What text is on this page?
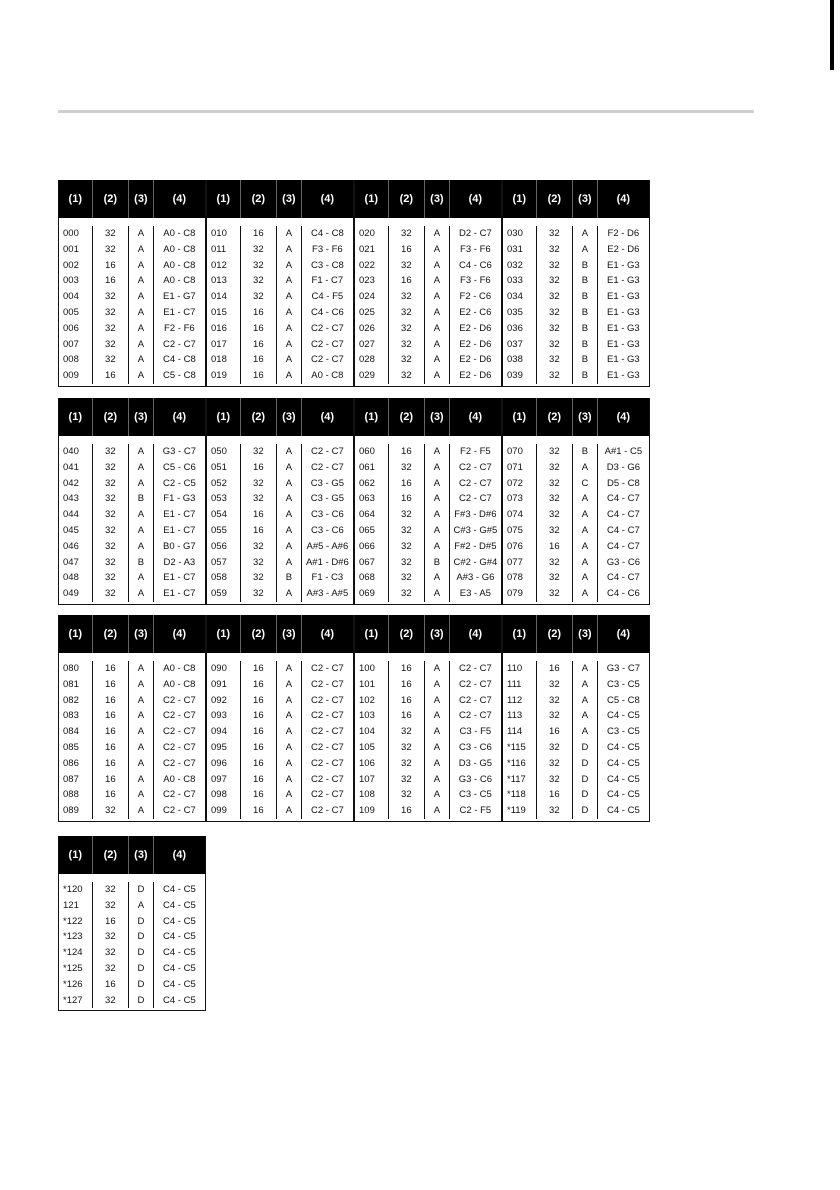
(1)	(2)	(3)	(4)
000	32	A	A0 - C8
001	32	A	A0 - C8
002	16	A	A0 - C8
003	16	A	A0 - C8
004	32	A	E1 - G7
005	32	A	E1 - C7
006	32	A	F2 - F6
007	32	A	C2 - C7
008	32	A	C4 - C8
009	16	A	C5 - C8
(1)	(2)	(3)	(4)
010	16	A	C4 - C8
011	32	A	F3 - F6
012	32	A	C3 - C8
013	32	A	F1 - C7
014	32	A	C4 - F5
015	16	A	C4 - C6
016	16	A	C2 - C7
017	16	A	C2 - C7
018	16	A	C2 - C7
019	16	A	A0 - C8
(1)	(2)	(3)	(4)
020	32	A	D2 - C7
021	16	A	F3 - F6
022	32	A	C4 - C6
023	16	A	F3 - F6
024	32	A	F2 - C6
025	32	A	E2 - C6
026	32	A	E2 - D6
027	32	A	E2 - D6
028	32	A	E2 - D6
029	32	A	E2 - D6
(1)	(2)	(3)	(4)
030	32	A	F2 - D6
031	32	A	E2 - D6
032	32	B	E1 - G3
033	32	B	E1 - G3
034	32	B	E1 - G3
035	32	B	E1 - G3
036	32	B	E1 - G3
037	32	B	E1 - G3
038	32	B	E1 - G3
039	32	B	E1 - G3
(1)	(2)	(3)	(4)
040	32	A	G3 - C7
041	32	A	C5 - C6
042	32	A	C2 - C5
043	32	B	F1 - G3
044	32	A	E1 - C7
045	32	A	E1 - C7
046	32	A	B0 - G7
047	32	B	D2 - A3
048	32	A	E1 - C7
049	32	A	E1 - C7
(1)	(2)	(3)	(4)
050	32	A	C2 - C7
051	16	A	C2 - C7
052	32	A	C3 - G5
053	32	A	C3 - G5
054	16	A	C3 - C6
055	16	A	C3 - C6
056	32	A	A#5 - A#6
057	32	A	A#1 - D#6
058	32	B	F1 - C3
059	32	A	A#3 - A#5
(1)	(2)	(3)	(4)
060	16	A	F2 - F5
061	32	A	C2 - C7
062	16	A	C2 - C7
063	16	A	C2 - C7
064	32	A	F#3 - D#6
065	32	A	C#3 - G#5
066	32	A	F#2 - D#5
067	32	B	C#2 - G#4
068	32	A	A#3 - G6
069	32	A	E3 - A5
(1)	(2)	(3)	(4)
070	32	B	A#1 - C5
071	32	A	D3 - G6
072	32	C	D5 - C8
073	32	A	C4 - C7
074	32	A	C4 - C7
075	32	A	C4 - C7
076	16	A	C4 - C7
077	32	A	G3 - C6
078	32	A	C4 - C7
079	32	A	C4 - C6
(1)	(2)	(3)	(4)
080	16	A	A0 - C8
081	16	A	A0 - C8
082	16	A	C2 - C7
083	16	A	C2 - C7
084	16	A	C2 - C7
085	16	A	C2 - C7
086	16	A	C2 - C7
087	16	A	A0 - C8
088	16	A	C2 - C7
089	32	A	C2 - C7
(1)	(2)	(3)	(4)
090	16	A	C2 - C7
091	16	A	C2 - C7
092	16	A	C2 - C7
093	16	A	C2 - C7
094	16	A	C2 - C7
095	16	A	C2 - C7
096	16	A	C2 - C7
097	16	A	C2 - C7
098	16	A	C2 - C7
099	16	A	C2 - C7
(1)	(2)	(3)	(4)
100	16	A	C2 - C7
101	16	A	C2 - C7
102	16	A	C2 - C7
103	16	A	C2 - C7
104	32	A	C3 - F5
105	32	A	C3 - C6
106	32	A	D3 - G5
107	32	A	G3 - C6
108	32	A	C3 - C5
109	16	A	C2 - F5
(1)	(2)	(3)	(4)
110	16	A	G3 - C7
111	32	A	C3 - C5
112	32	A	C5 - C8
113	32	A	C4 - C5
114	16	A	C3 - C5
*115	32	D	C4 - C5
*116	32	D	C4 - C5
*117	32	D	C4 - C5
*118	16	D	C4 - C5
*119	32	D	C4 - C5
(1)	(2)	(3)	(4)
*120	32	D	C4 - C5
121	32	A	C4 - C5
*122	16	D	C4 - C5
*123	32	D	C4 - C5
*124	32	D	C4 - C5
*125	32	D	C4 - C5
*126	16	D	C4 - C5
*127	32	D	C4 - C5
